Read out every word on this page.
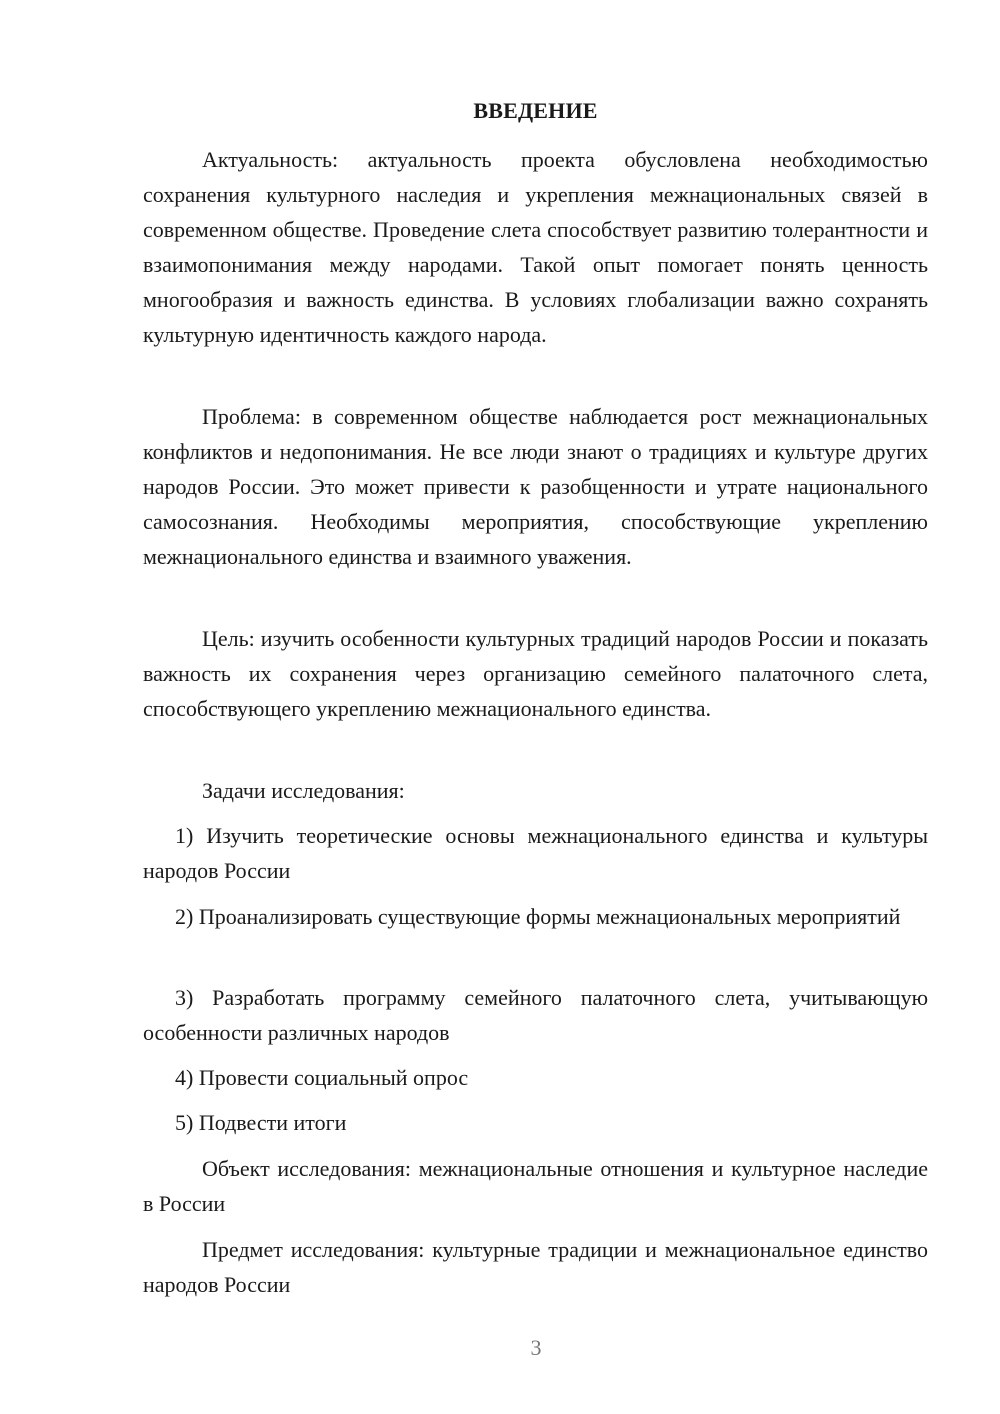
ВВЕДЕНИЕ

Актуальность: актуальность проекта обусловлена необходимостью сохранения культурного наследия и укрепления межнациональных связей в современном обществе. Проведение слета способствует развитию толерантности и взаимопонимания между народами. Такой опыт помогает понять ценность многообразия и важность единства. В условиях глобализации важно сохранять культурную идентичность каждого народа.

Проблема: в современном обществе наблюдается рост межнациональных конфликтов и недопонимания. Не все люди знают о традициях и культуре других народов России. Это может привести к разобщенности и утрате национального самосознания. Необходимы мероприятия, способствующие укреплению межнационального единства и взаимного уважения.

Цель: изучить особенности культурных традиций народов России и показать важность их сохранения через организацию семейного палаточного слета, способствующего укреплению межнационального единства.

Задачи исследования:

1) Изучить теоретические основы межнационального единства и культуры народов России

2) Проанализировать существующие формы межнациональных мероприятий

3) Разработать программу семейного палаточного слета, учитывающую особенности различных народов

4) Провести социальный опрос

5) Подвести итоги

Объект исследования: межнациональные отношения и культурное наследие в России

Предмет исследования: культурные традиции и межнациональное единство народов России

3
